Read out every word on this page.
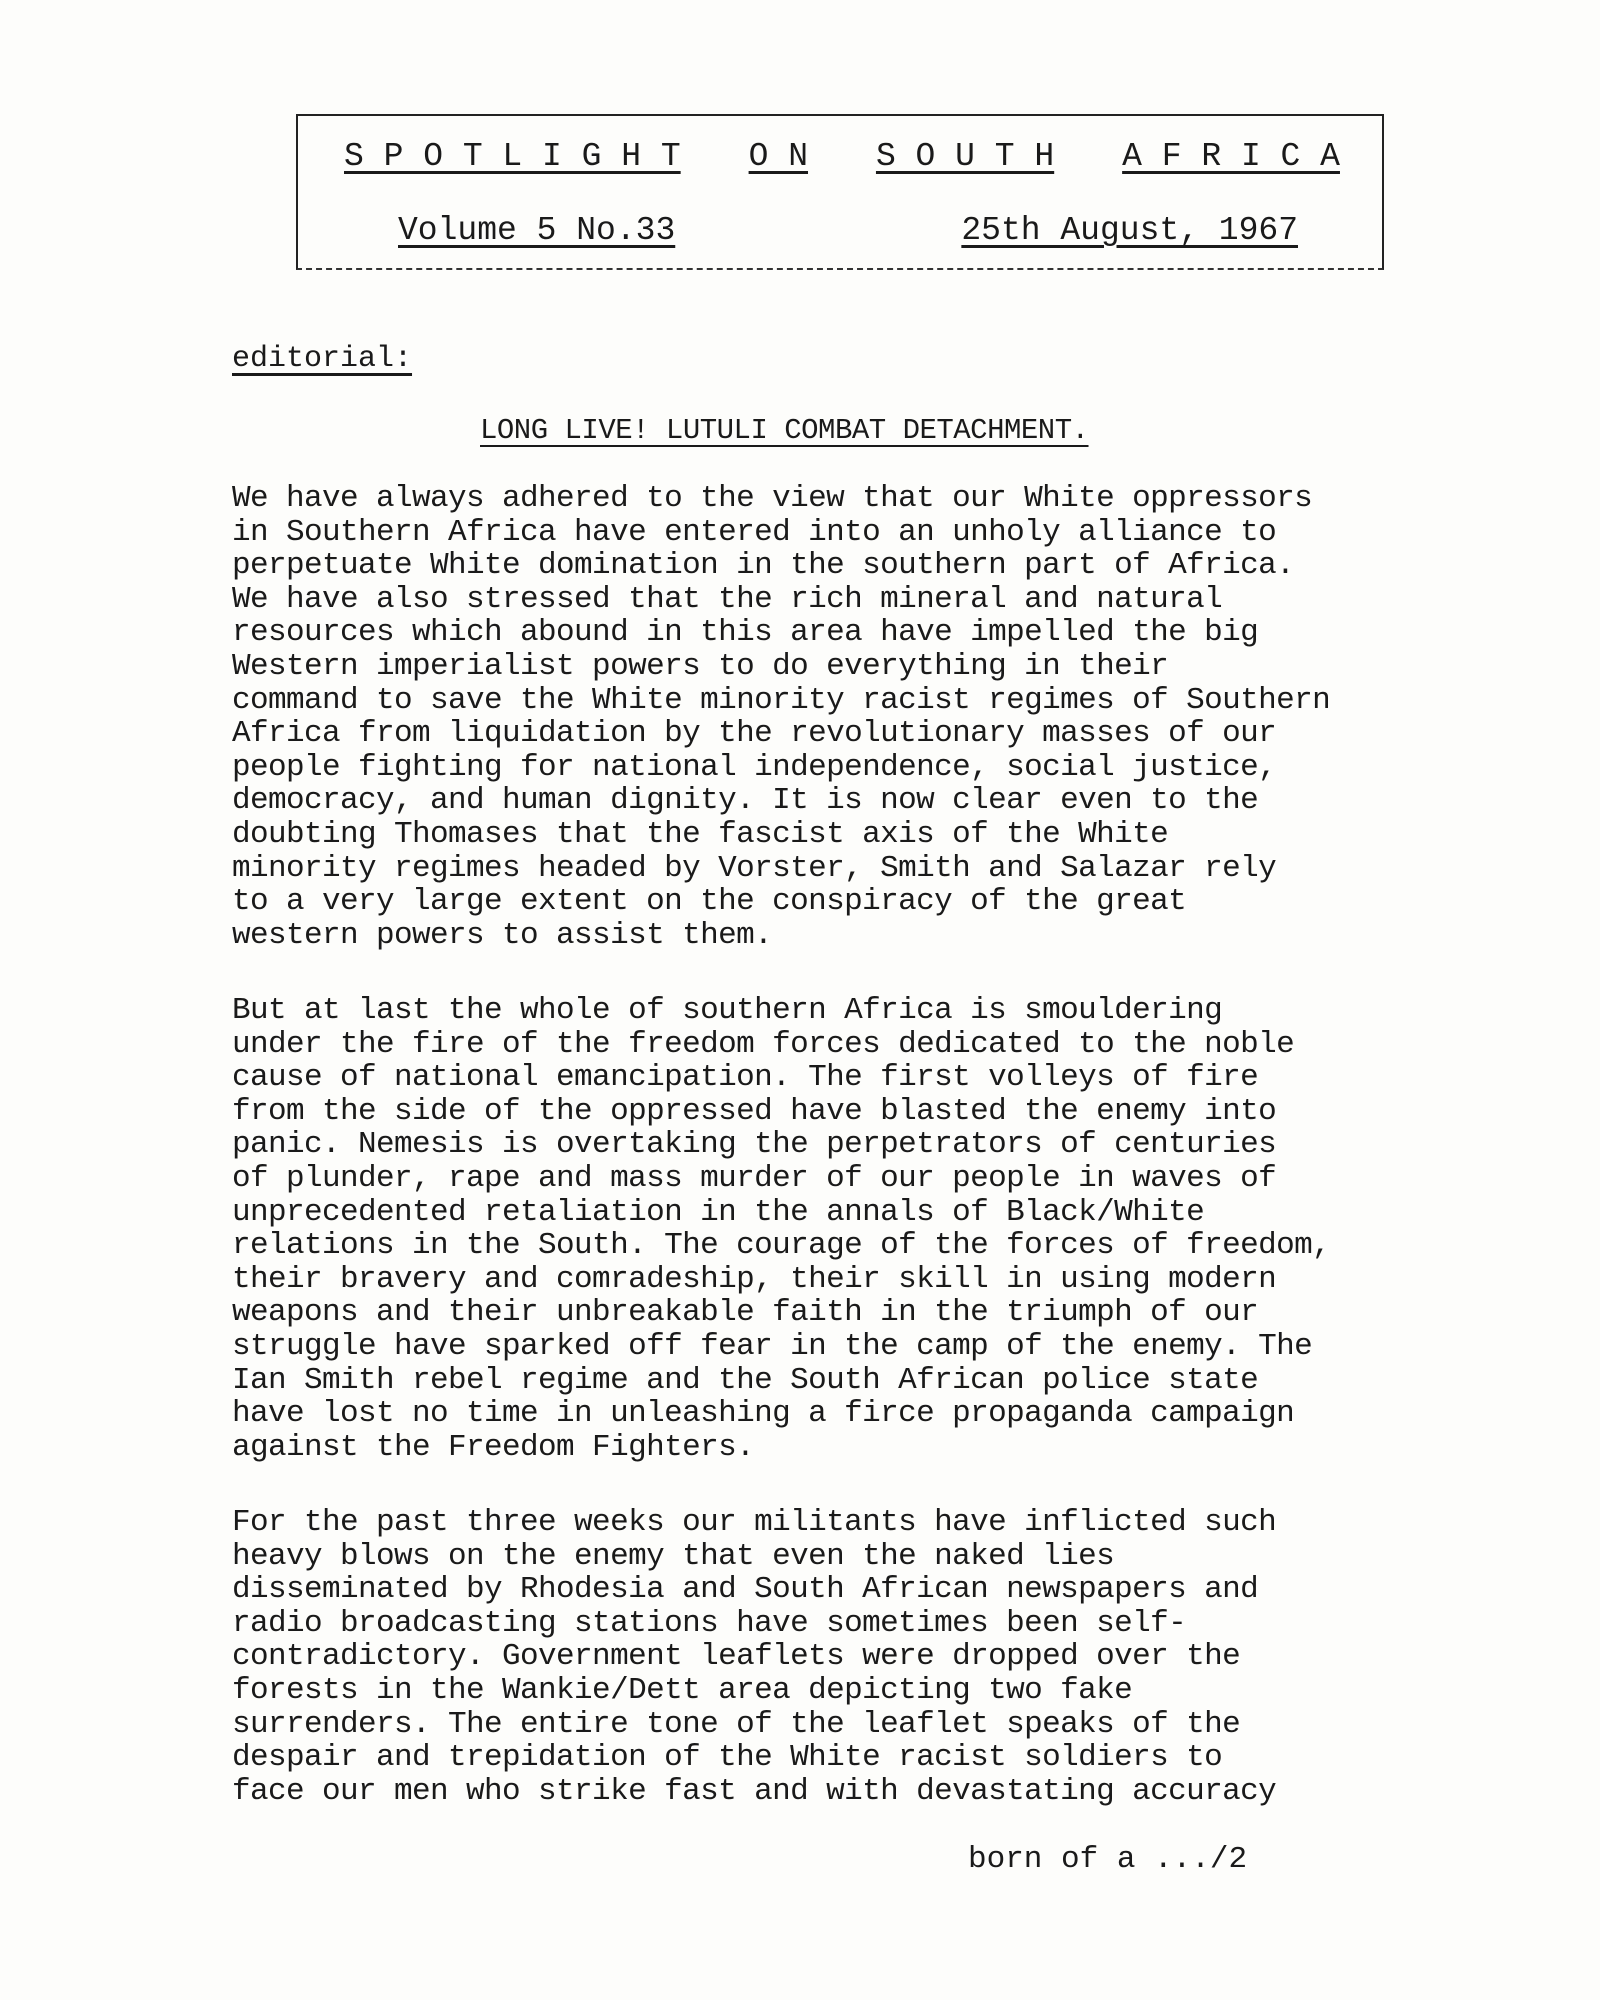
S P O T L I G H T O N S O U T H A F R I C A
Volume 5 No.33	25th August, 1967
editorial:
LONG LIVE! LUTULI COMBAT DETACHMENT.

We have always adhered to the view that our White oppressors
in Southern Africa have entered into an unholy alliance to
perpetuate White domination in the southern part of Africa.
We have also stressed that the rich mineral and natural
resources which abound in this area have impelled the big
Western imperialist powers to do everything in their
command to save the White minority racist regimes of Southern
Africa from liquidation by the revolutionary masses of our
people fighting for national independence, social justice,
democracy, and human dignity. It is now clear even to the
doubting Thomases that the fascist axis of the White
minority regimes headed by Vorster, Smith and Salazar rely
to a very large extent on the conspiracy of the great
western powers to assist them.

But at last the whole of southern Africa is smouldering
under the fire of the freedom forces dedicated to the noble
cause of national emancipation. The first volleys of fire
from the side of the oppressed have blasted the enemy into
panic. Nemesis is overtaking the perpetrators of centuries
of plunder, rape and mass murder of our people in waves of
unprecedented retaliation in the annals of Black/White
relations in the South. The courage of the forces of freedom,
their bravery and comradeship, their skill in using modern
weapons and their unbreakable faith in the triumph of our
struggle have sparked off fear in the camp of the enemy. The
Ian Smith rebel regime and the South African police state
have lost no time in unleashing a firce propaganda campaign
against the Freedom Fighters.

For the past three weeks our militants have inflicted such
heavy blows on the enemy that even the naked lies
disseminated by Rhodesia and South African newspapers and
radio broadcasting stations have sometimes been self-
contradictory. Government leaflets were dropped over the
forests in the Wankie/Dett area depicting two fake
surrenders. The entire tone of the leaflet speaks of the
despair and trepidation of the White racist soldiers to
face our men who strike fast and with devastating accuracy

born of a .../2
